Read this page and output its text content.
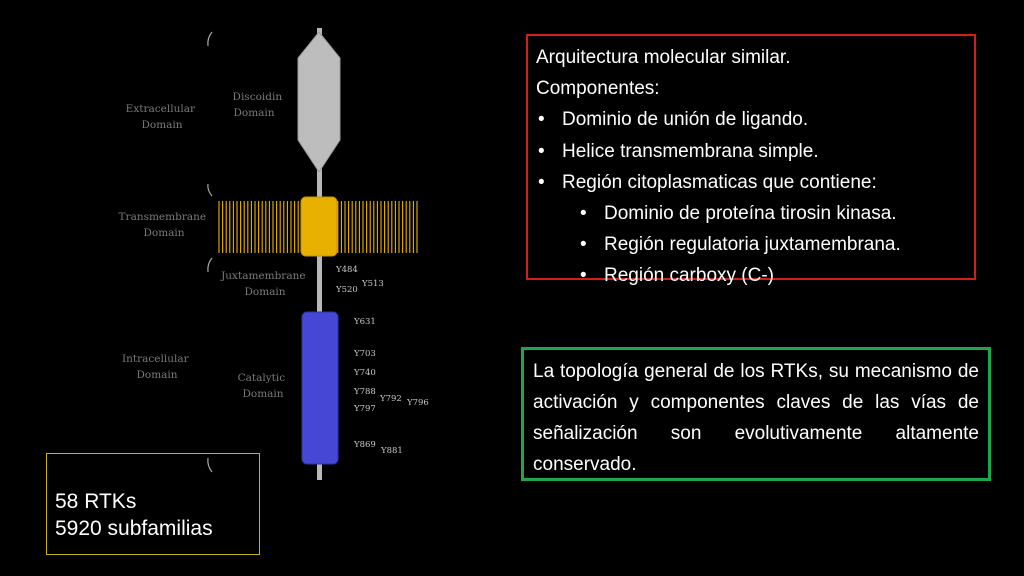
Extracellular Domain
Discoidin Domain
Transmembrane Domain
Juxtamembrane Domain
Intracellular Domain	Catalytic Domain
Y484
Y513
Y520
Y631
Y703
Y740
Y788
Y792 Y796
Y797
Y869
Y881
Arquitectura molecular similar.
Componentes:
• Dominio de unión de ligando.
• Helice transmembrana simple.
• Región citoplasmaticas que contiene:
• Dominio de proteína tirosin kinasa.
• Región regulatoria juxtamembrana.
• Región carboxy (C-)
La topología general de los RTKs, su mecanismo de activación y componentes claves de las vías de señalización son evolutivamente altamente conservado.
58 RTKs
5920 subfamilias
